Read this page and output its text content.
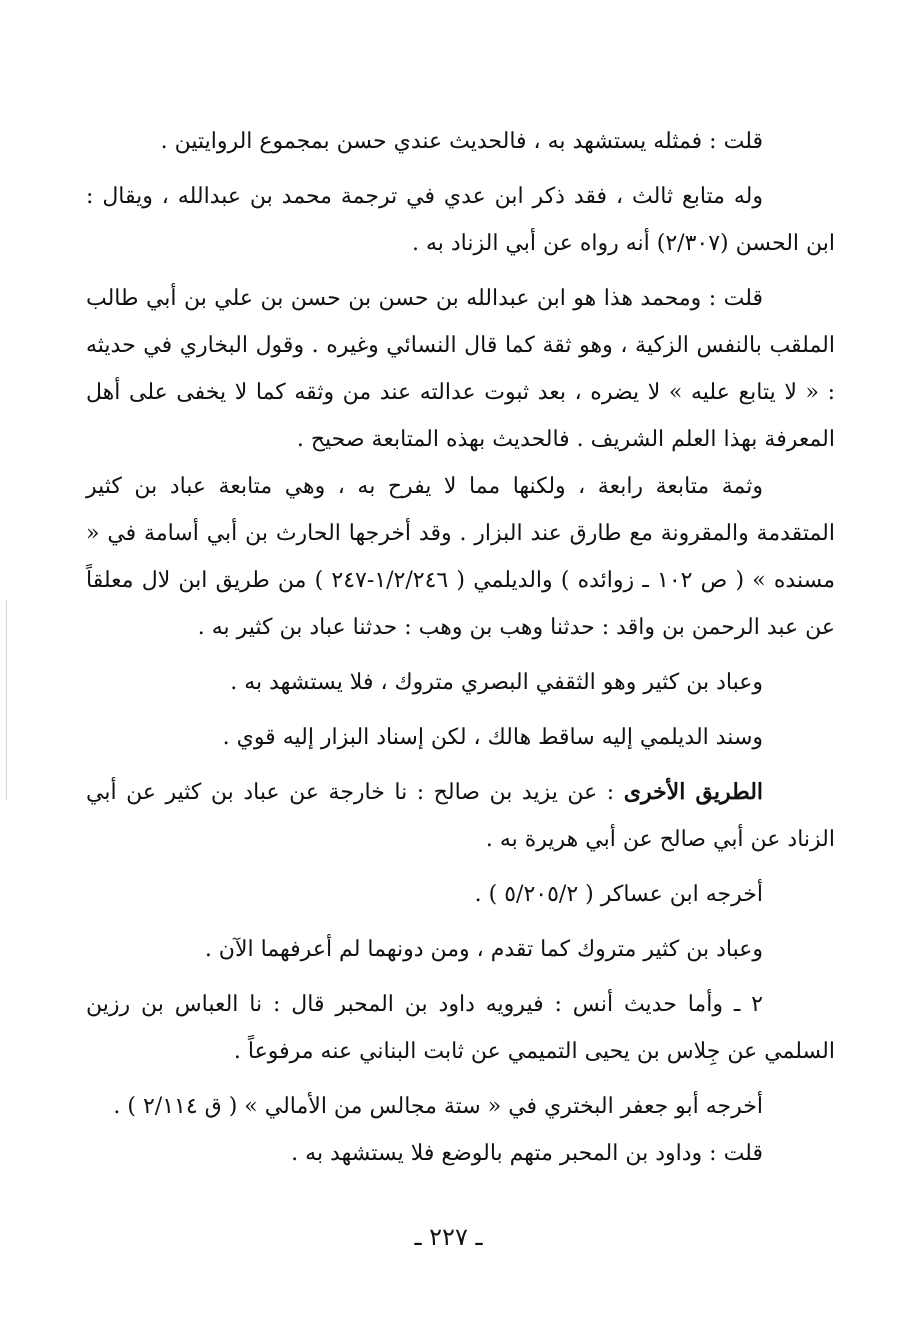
قلت : فمثله يستشهد به ، فالحديث عندي حسن بمجموع الروايتين .

وله متابع ثالث ، فقد ذكر ابن عدي في ترجمة محمد بن عبدالله ، ويقال : ابن الحسن (٢/٣٠٧) أنه رواه عن أبي الزناد به .

قلت : ومحمد هذا هو ابن عبدالله بن حسن بن حسن بن علي بن أبي طالب الملقب بالنفس الزكية ، وهو ثقة كما قال النسائي وغيره . وقول البخاري في حديثه : « لا يتابع عليه » لا يضره ، بعد ثبوت عدالته عند من وثقه كما لا يخفى على أهل المعرفة بهذا العلم الشريف . فالحديث بهذه المتابعة صحيح .

وثمة متابعة رابعة ، ولكنها مما لا يفرح به ، وهي متابعة عباد بن كثير المتقدمة والمقرونة مع طارق عند البزار . وقد أخرجها الحارث بن أبي أسامة في « مسنده » ( ص ١٠٢ ـ زوائده ) والديلمي ( ١/٢/٢٤٦-٢٤٧ ) من طريق ابن لال معلقاً عن عبد الرحمن بن واقد : حدثنا وهب بن وهب : حدثنا عباد بن كثير به .

وعباد بن كثير وهو الثقفي البصري متروك ، فلا يستشهد به .

وسند الديلمي إليه ساقط هالك ، لكن إسناد البزار إليه قوي .

الطريق الأخرى : عن يزيد بن صالح : نا خارجة عن عباد بن كثير عن أبي الزناد عن أبي صالح عن أبي هريرة به .

أخرجه ابن عساكر ( ٥/٢٠٥/٢ ) .

وعباد بن كثير متروك كما تقدم ، ومن دونهما لم أعرفهما الآن .

٢ ـ وأما حديث أنس : فيرويه داود بن المحبر قال : نا العباس بن رزين السلمي عن جِلاس بن يحيى التميمي عن ثابت البناني عنه مرفوعاً .

أخرجه أبو جعفر البختري في « ستة مجالس من الأمالي » ( ق ٢/١١٤ ) .

قلت : وداود بن المحبر متهم بالوضع فلا يستشهد به .

ـ ٢٢٧ ـ
